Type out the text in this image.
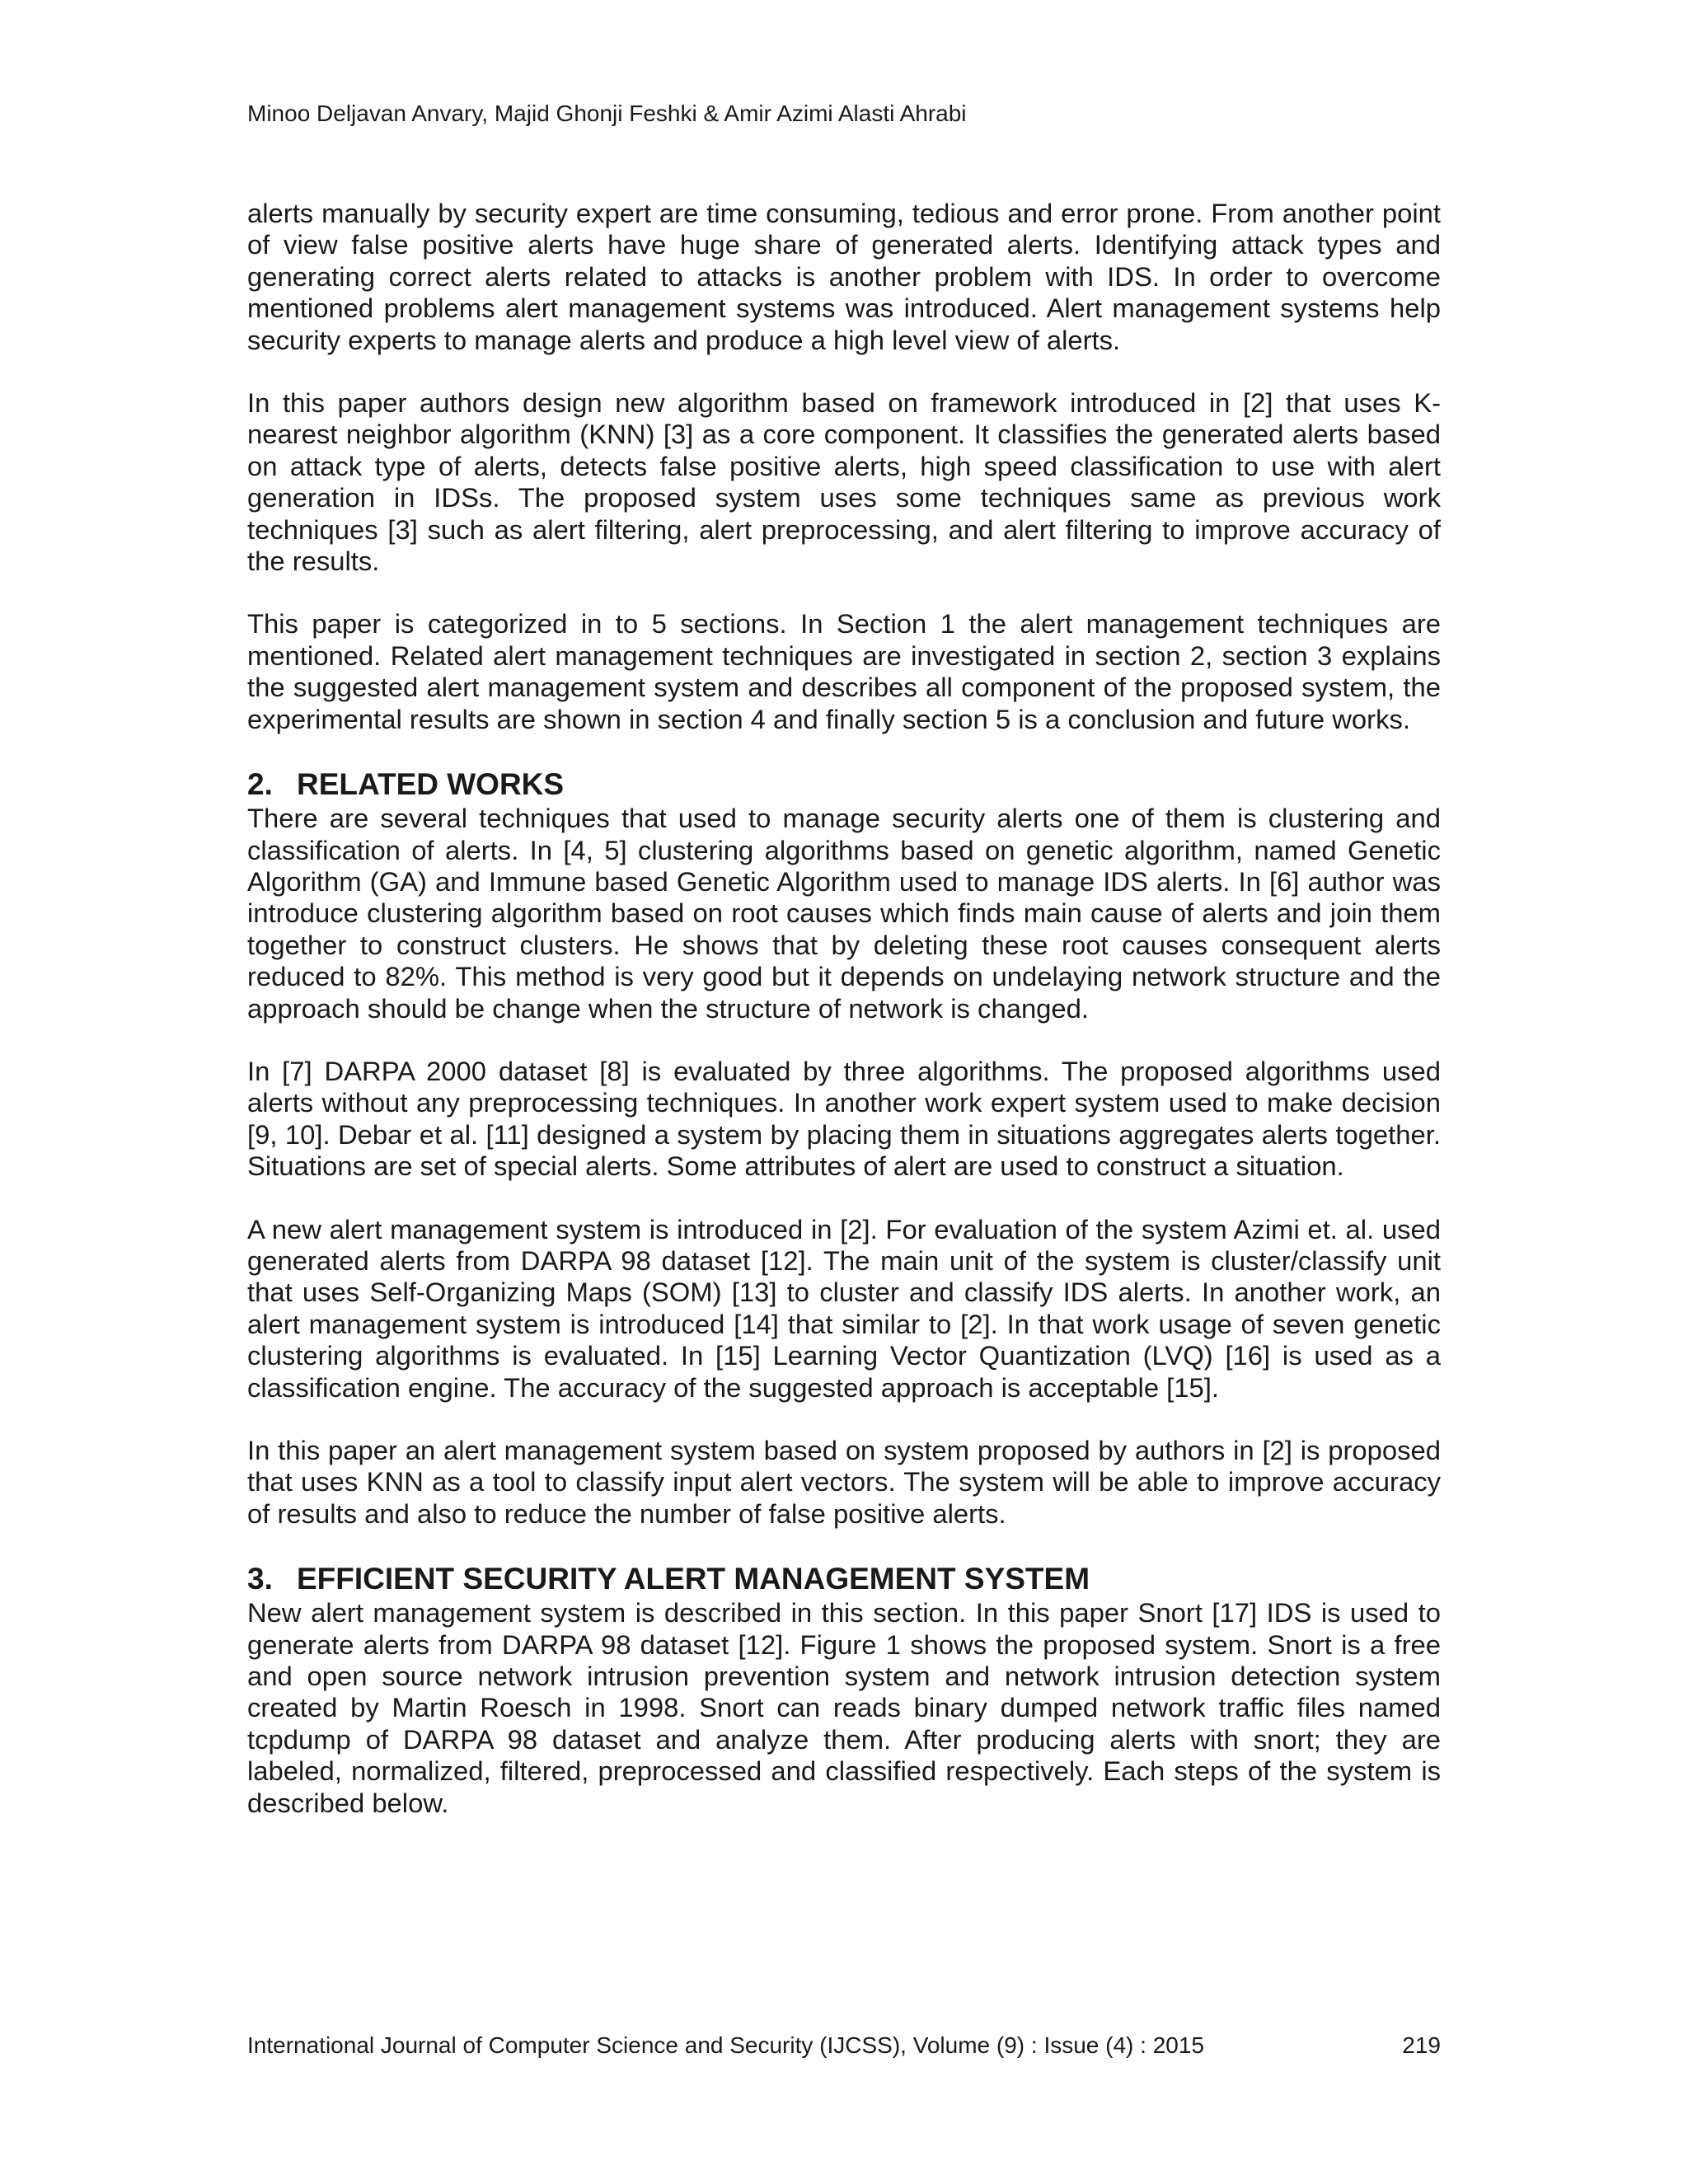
Minoo Deljavan Anvary, Majid Ghonji Feshki & Amir Azimi Alasti Ahrabi

alerts manually by security expert are time consuming, tedious and error prone. From another point of view false positive alerts have huge share of generated alerts. Identifying attack types and generating correct alerts related to attacks is another problem with IDS. In order to overcome mentioned problems alert management systems was introduced. Alert management systems help security experts to manage alerts and produce a high level view of alerts.

In this paper authors design new algorithm based on framework introduced in [2] that uses K-nearest neighbor algorithm (KNN) [3] as a core component. It classifies the generated alerts based on attack type of alerts, detects false positive alerts, high speed classification to use with alert generation in IDSs. The proposed system uses some techniques same as previous work techniques [3] such as alert filtering, alert preprocessing, and alert filtering to improve accuracy of the results.

This paper is categorized in to 5 sections. In Section 1 the alert management techniques are mentioned. Related alert management techniques are investigated in section 2, section 3 explains the suggested alert management system and describes all component of the proposed system, the experimental results are shown in section 4 and finally section 5 is a conclusion and future works.

2. RELATED WORKS

There are several techniques that used to manage security alerts one of them is clustering and classification of alerts. In [4, 5] clustering algorithms based on genetic algorithm, named Genetic Algorithm (GA) and Immune based Genetic Algorithm used to manage IDS alerts. In [6] author was introduce clustering algorithm based on root causes which finds main cause of alerts and join them together to construct clusters. He shows that by deleting these root causes consequent alerts reduced to 82%. This method is very good but it depends on undelaying network structure and the approach should be change when the structure of network is changed.

In [7] DARPA 2000 dataset [8] is evaluated by three algorithms. The proposed algorithms used alerts without any preprocessing techniques. In another work expert system used to make decision [9, 10]. Debar et al. [11] designed a system by placing them in situations aggregates alerts together. Situations are set of special alerts. Some attributes of alert are used to construct a situation.

A new alert management system is introduced in [2]. For evaluation of the system Azimi et. al. used generated alerts from DARPA 98 dataset [12]. The main unit of the system is cluster/classify unit that uses Self-Organizing Maps (SOM) [13] to cluster and classify IDS alerts. In another work, an alert management system is introduced [14] that similar to [2]. In that work usage of seven genetic clustering algorithms is evaluated. In [15] Learning Vector Quantization (LVQ) [16] is used as a classification engine. The accuracy of the suggested approach is acceptable [15].

In this paper an alert management system based on system proposed by authors in [2] is proposed that uses KNN as a tool to classify input alert vectors. The system will be able to improve accuracy of results and also to reduce the number of false positive alerts.

3. EFFICIENT SECURITY ALERT MANAGEMENT SYSTEM

New alert management system is described in this section. In this paper Snort [17] IDS is used to generate alerts from DARPA 98 dataset [12]. Figure 1 shows the proposed system. Snort is a free and open source network intrusion prevention system and network intrusion detection system created by Martin Roesch in 1998. Snort can reads binary dumped network traffic files named tcpdump of DARPA 98 dataset and analyze them. After producing alerts with snort; they are labeled, normalized, filtered, preprocessed and classified respectively. Each steps of the system is described below.

International Journal of Computer Science and Security (IJCSS), Volume (9) : Issue (4) : 2015	219
